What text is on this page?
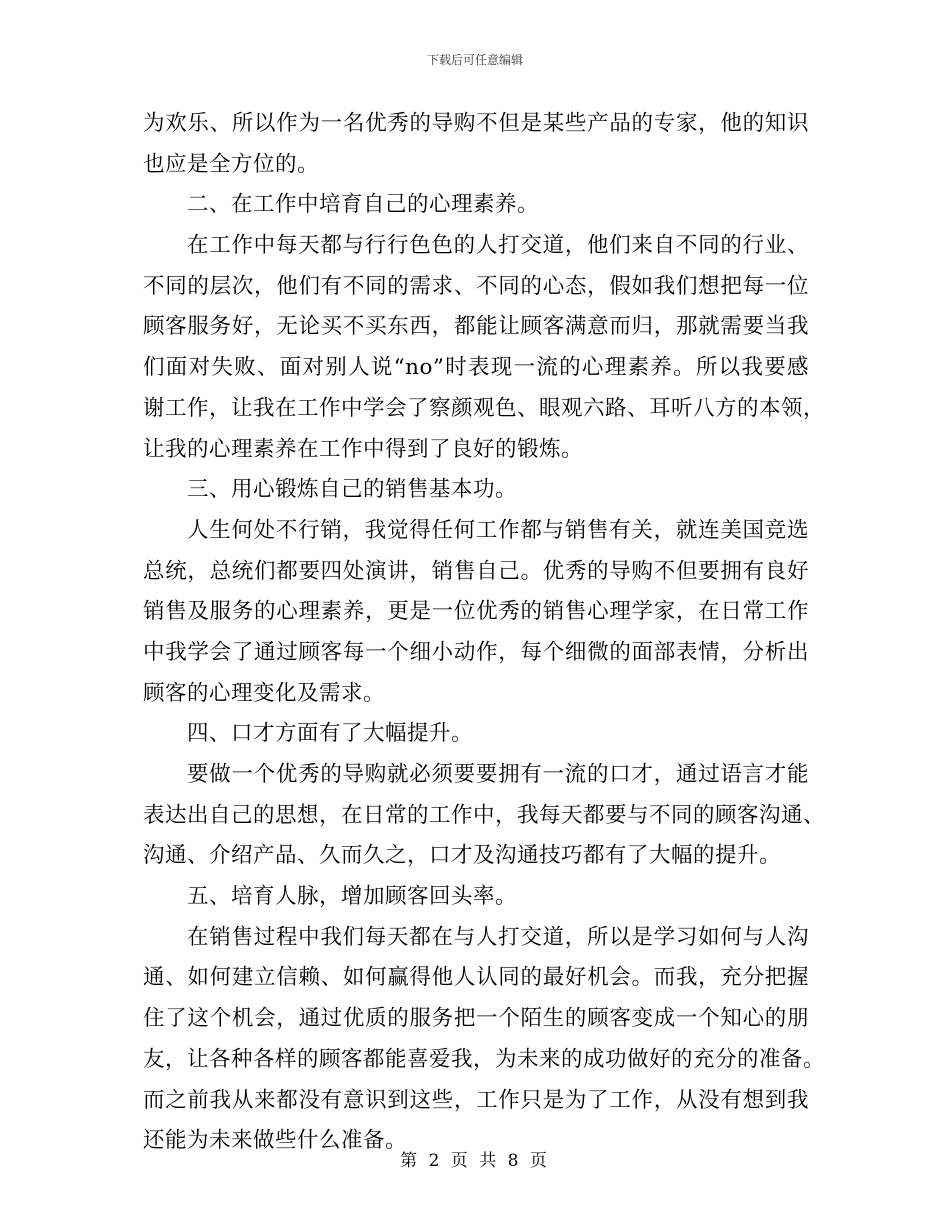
下载后可任意编辑
为欢乐、所以作为一名优秀的导购不但是某些产品的专家，他的知识
也应是全方位的。
二、在工作中培育自己的心理素养。
在工作中每天都与行行色色的人打交道，他们来自不同的行业、
不同的层次，他们有不同的需求、不同的心态，假如我们想把每一位
顾客服务好，无论买不买东西，都能让顾客满意而归，那就需要当我
们面对失败、面对别人说“no”时表现一流的心理素养。所以我要感
谢工作，让我在工作中学会了察颜观色、眼观六路、耳听八方的本领，
让我的心理素养在工作中得到了良好的锻炼。
三、用心锻炼自己的销售基本功。
人生何处不行销，我觉得任何工作都与销售有关，就连美国竞选
总统，总统们都要四处演讲，销售自己。优秀的导购不但要拥有良好
销售及服务的心理素养，更是一位优秀的销售心理学家，在日常工作
中我学会了通过顾客每一个细小动作，每个细微的面部表情，分析出
顾客的心理变化及需求。
四、口才方面有了大幅提升。
要做一个优秀的导购就必须要要拥有一流的口才，通过语言才能
表达出自己的思想，在日常的工作中，我每天都要与不同的顾客沟通、
沟通、介绍产品、久而久之，口才及沟通技巧都有了大幅的提升。
五、培育人脉，增加顾客回头率。
在销售过程中我们每天都在与人打交道，所以是学习如何与人沟
通、如何建立信赖、如何赢得他人认同的最好机会。而我，充分把握
住了这个机会，通过优质的服务把一个陌生的顾客变成一个知心的朋
友，让各种各样的顾客都能喜爱我，为未来的成功做好的充分的准备。
而之前我从来都没有意识到这些，工作只是为了工作，从没有想到我
还能为未来做些什么准备。
第 2 页 共 8 页
